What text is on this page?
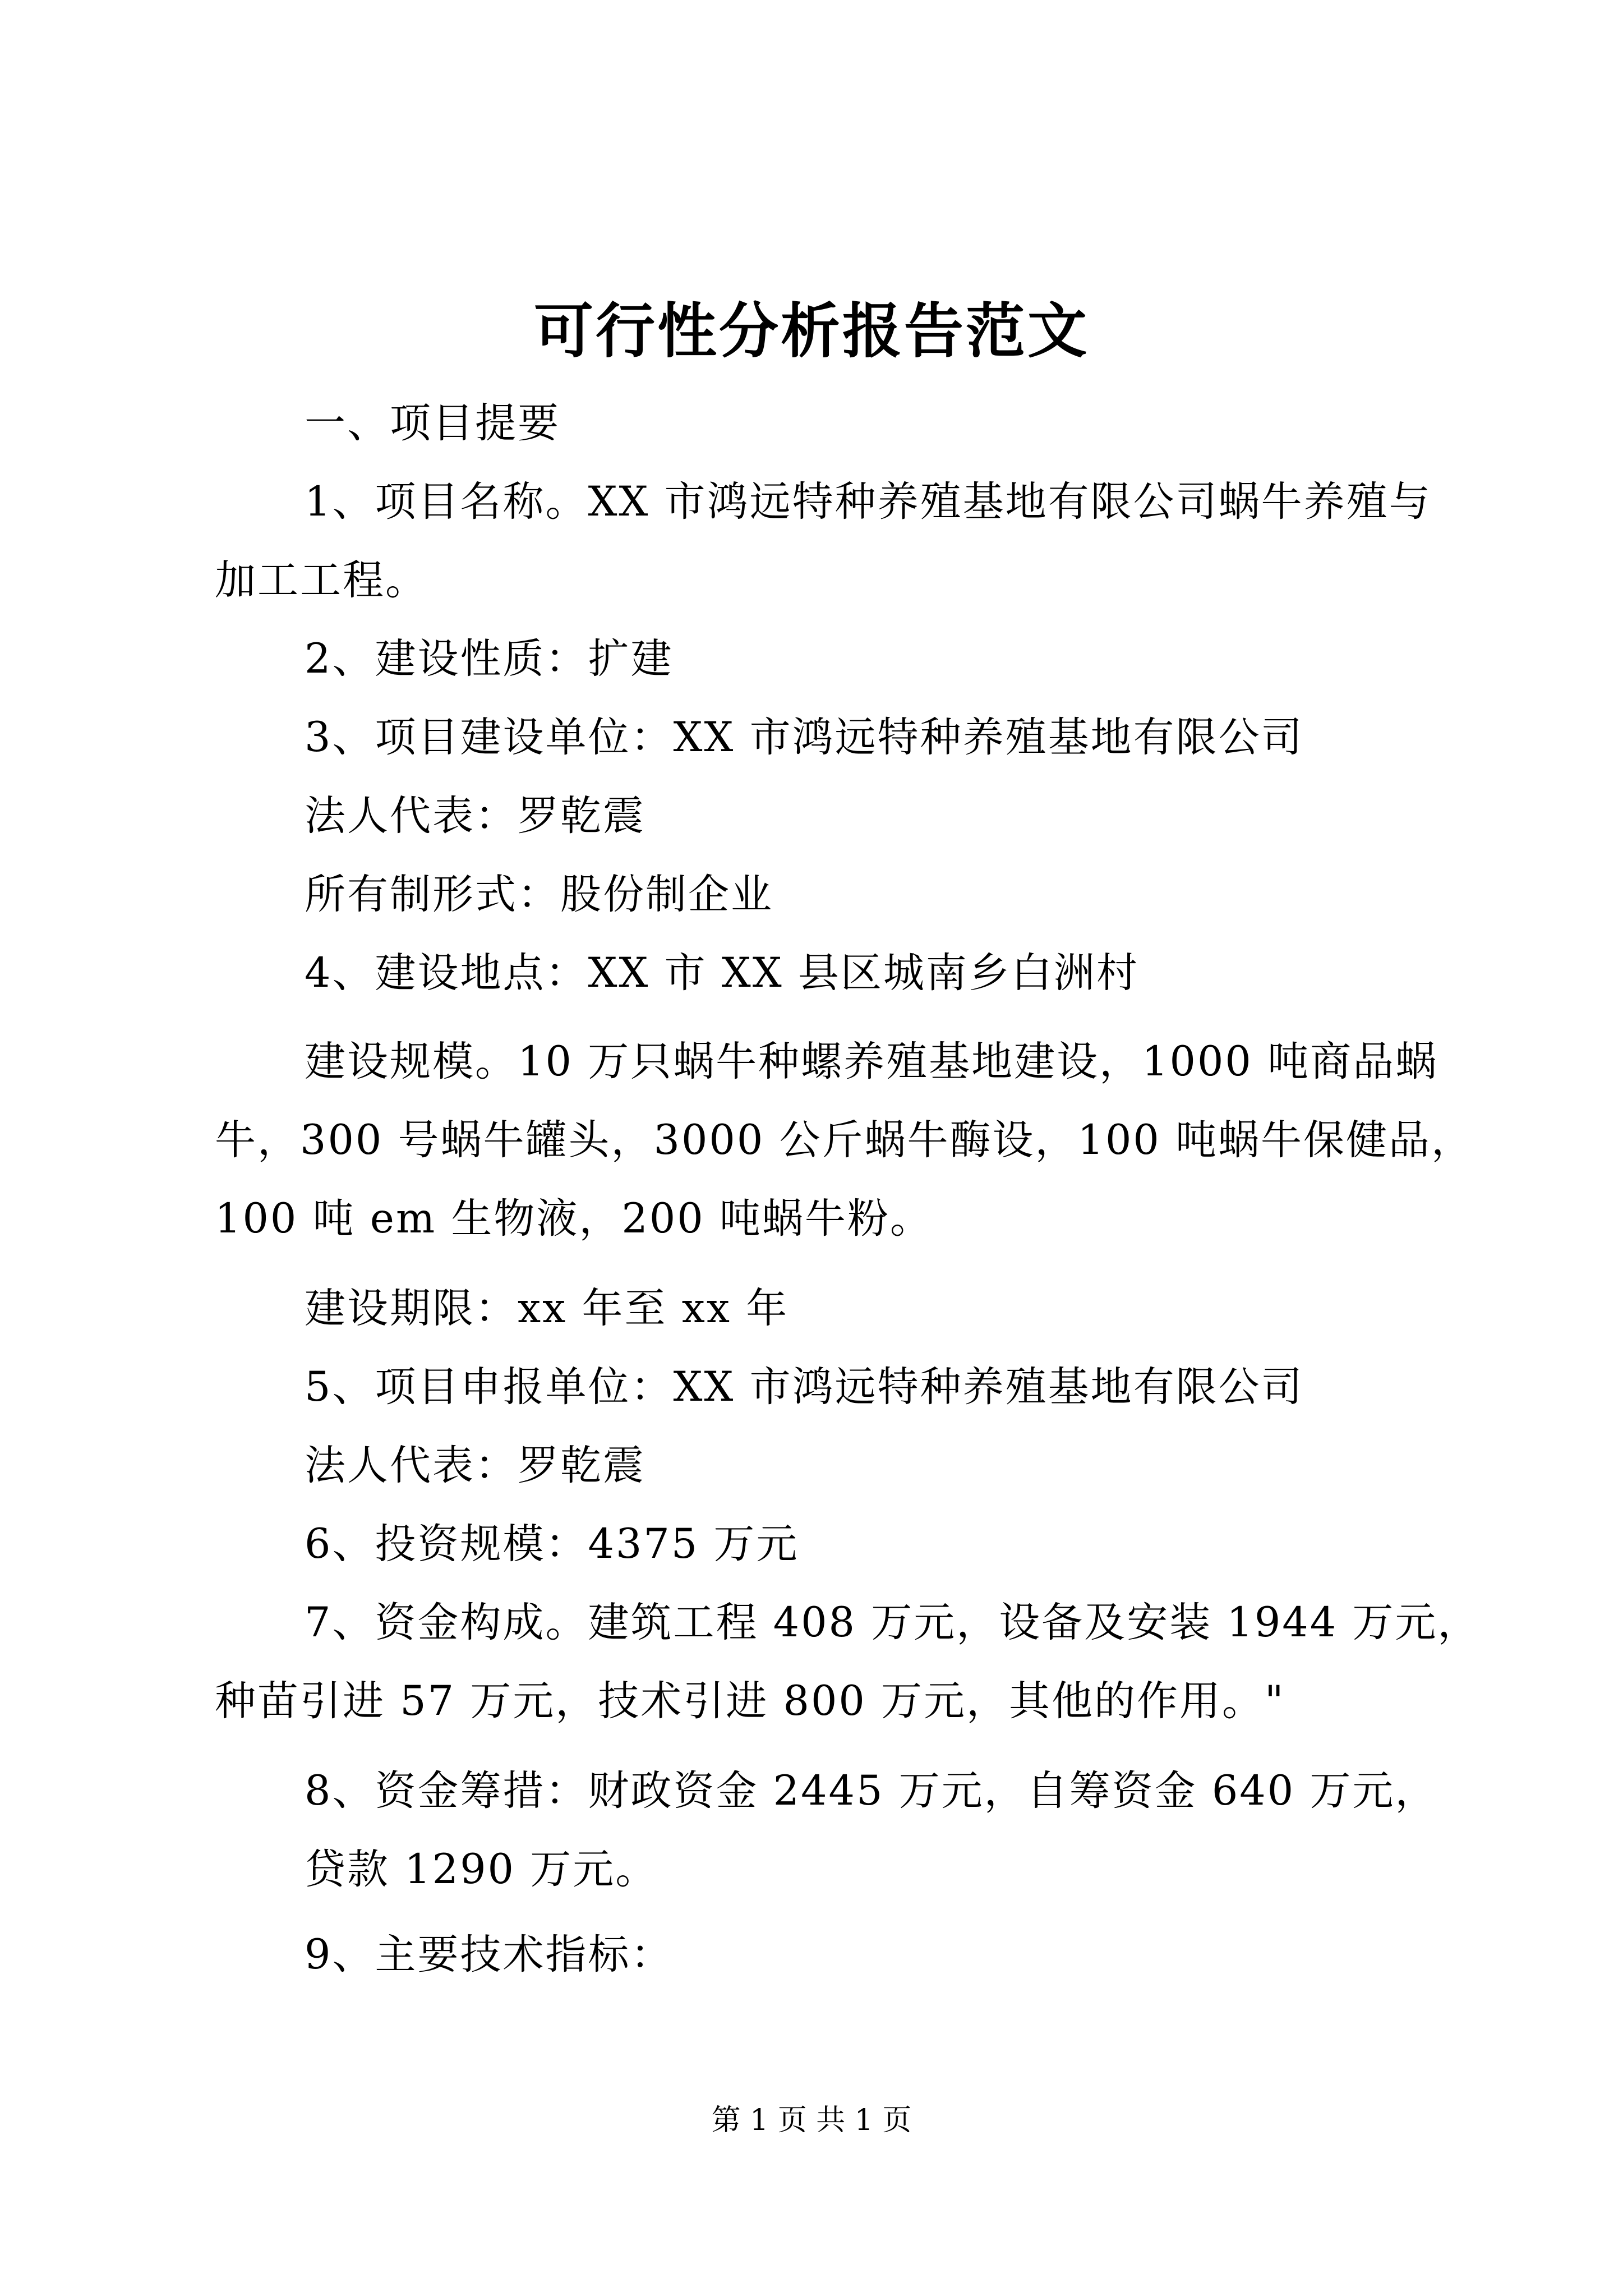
可行性分析报告范文
一、项目提要
1、项目名称。XX 市鸿远特种养殖基地有限公司蜗牛养殖与
加工工程。
2、建设性质：扩建
3、项目建设单位：XX 市鸿远特种养殖基地有限公司
法人代表：罗乾震
所有制形式：股份制企业
4、建设地点：XX 市 XX 县区城南乡白洲村
建设规模。10 万只蜗牛种螺养殖基地建设，1000 吨商品蜗
牛，300 号蜗牛罐头，3000 公斤蜗牛酶设，100 吨蜗牛保健品，
100 吨 em 生物液，200 吨蜗牛粉。
建设期限：xx 年至 xx 年
5、项目申报单位：XX 市鸿远特种养殖基地有限公司
法人代表：罗乾震
6、投资规模：4375 万元
7、资金构成。建筑工程 408 万元，设备及安装 1944 万元，
种苗引进 57 万元，技术引进 800 万元，其他的作用。"
8、资金筹措：财政资金 2445 万元，自筹资金 640 万元，
贷款 1290 万元。
9、主要技术指标：
第 1 页 共 1 页
